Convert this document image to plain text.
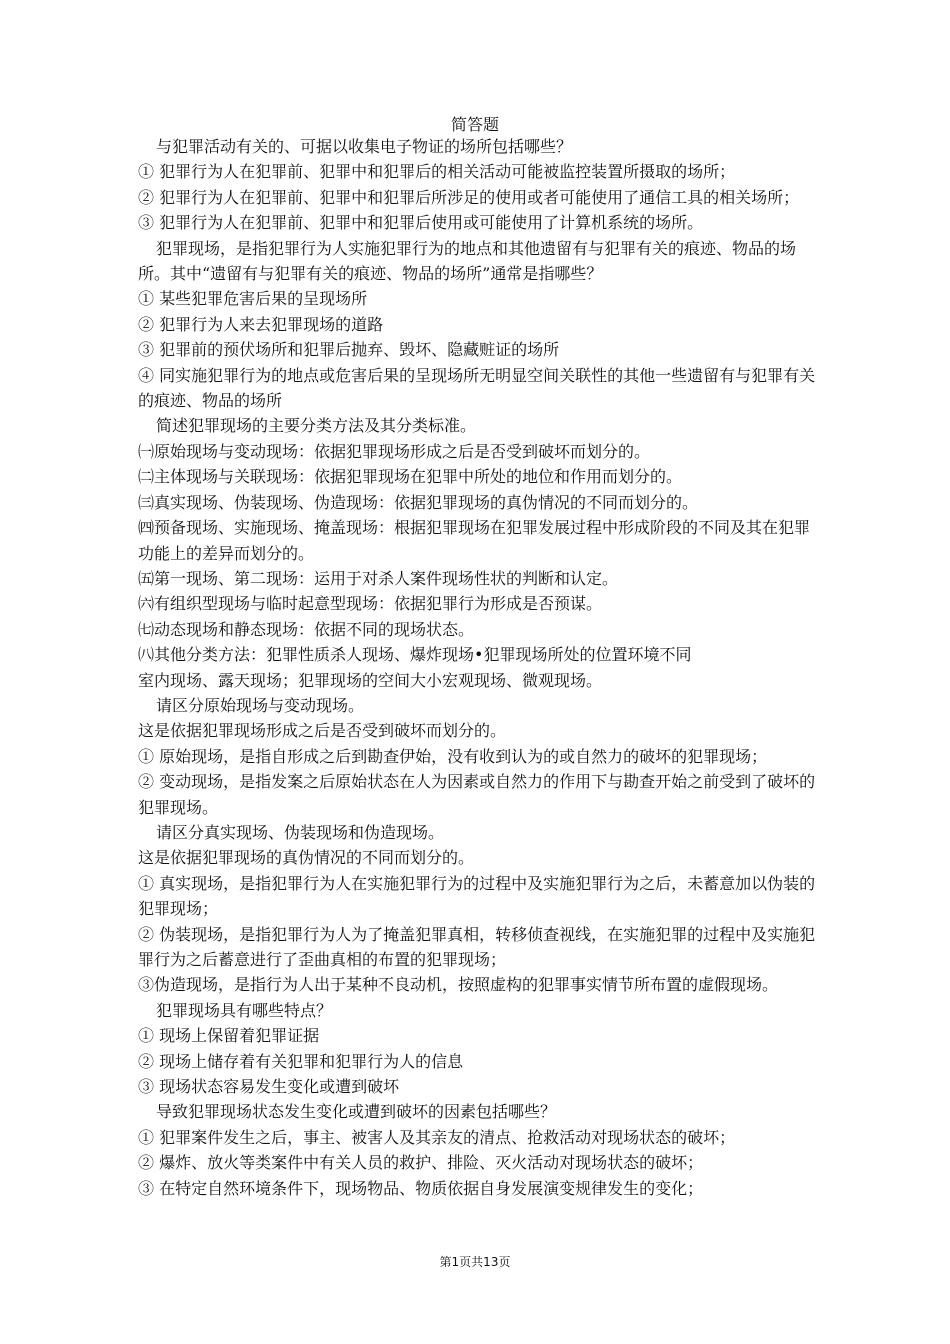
简答题

与犯罪活动有关的、可据以收集电子物证的场所包括哪些？

① 犯罪行为人在犯罪前、犯罪中和犯罪后的相关活动可能被监控装置所摄取的场所；

② 犯罪行为人在犯罪前、犯罪中和犯罪后所涉足的使用或者可能使用了通信工具的相关场所；

③ 犯罪行为人在犯罪前、犯罪中和犯罪后使用或可能使用了计算机系统的场所。

犯罪现场，是指犯罪行为人实施犯罪行为的地点和其他遗留有与犯罪有关的痕迹、物品的场所。其中“遗留有与犯罪有关的痕迹、物品的场所”通常是指哪些？

① 某些犯罪危害后果的呈现场所

② 犯罪行为人来去犯罪现场的道路

③ 犯罪前的预伏场所和犯罪后抛弃、毁坏、隐藏赃证的场所

④ 同实施犯罪行为的地点或危害后果的呈现场所无明显空间关联性的其他一些遗留有与犯罪有关的痕迹、物品的场所

简述犯罪现场的主要分类方法及其分类标准。

㈠原始现场与变动现场：依据犯罪现场形成之后是否受到破坏而划分的。

㈡主体现场与关联现场：依据犯罪现场在犯罪中所处的地位和作用而划分的。

㈢真实现场、伪装现场、伪造现场：依据犯罪现场的真伪情况的不同而划分的。

㈣预备现场、实施现场、掩盖现场：根据犯罪现场在犯罪发展过程中形成阶段的不同及其在犯罪功能上的差异而划分的。

㈤第一现场、第二现场：运用于对杀人案件现场性状的判断和认定。

㈥有组织型现场与临时起意型现场：依据犯罪行为形成是否预谋。

㈦动态现场和静态现场：依据不同的现场状态。

㈧其他分类方法：犯罪性质杀人现场、爆炸现场•犯罪现场所处的位置环境不同

室内现场、露天现场；犯罪现场的空间大小宏观现场、微观现场。

请区分原始现场与变动现场。

这是依据犯罪现场形成之后是否受到破坏而划分的。

① 原始现场，是指自形成之后到勘查伊始，没有收到认为的或自然力的破坏的犯罪现场；

② 变动现场，是指发案之后原始状态在人为因素或自然力的作用下与勘查开始之前受到了破坏的犯罪现场。

请区分真实现场、伪装现场和伪造现场。

这是依据犯罪现场的真伪情况的不同而划分的。

① 真实现场，是指犯罪行为人在实施犯罪行为的过程中及实施犯罪行为之后，未蓄意加以伪装的犯罪现场；

② 伪装现场，是指犯罪行为人为了掩盖犯罪真相，转移侦查视线，在实施犯罪的过程中及实施犯罪行为之后蓄意进行了歪曲真相的布置的犯罪现场；

③伪造现场，是指行为人出于某种不良动机，按照虚构的犯罪事实情节所布置的虚假现场。

犯罪现场具有哪些特点？

① 现场上保留着犯罪证据

② 现场上储存着有关犯罪和犯罪行为人的信息

③ 现场状态容易发生变化或遭到破坏

导致犯罪现场状态发生变化或遭到破坏的因素包括哪些？

① 犯罪案件发生之后，事主、被害人及其亲友的清点、抢救活动对现场状态的破坏；

② 爆炸、放火等类案件中有关人员的救护、排险、灭火活动对现场状态的破坏；

③ 在特定自然环境条件下，现场物品、物质依据自身发展演变规律发生的变化；

第1页共13页
